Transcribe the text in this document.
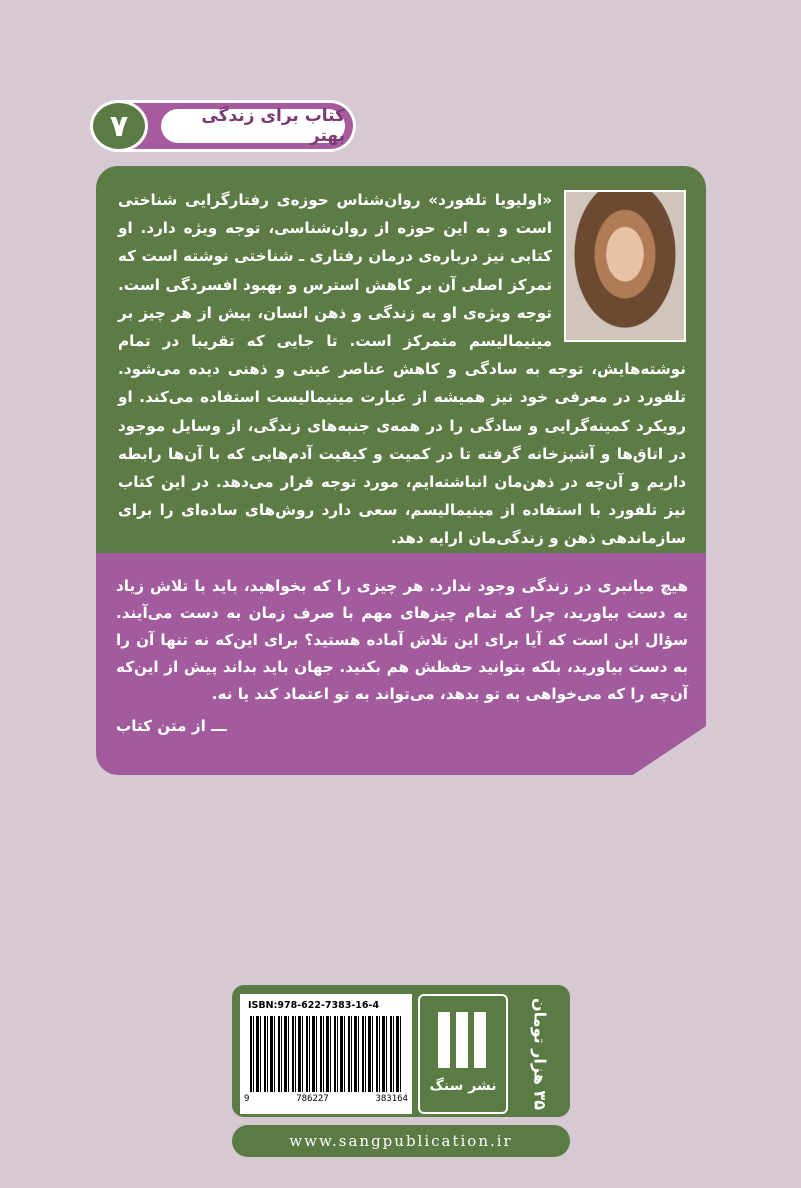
کتاب برای زندگی بهتر
۷
«اولیویا تلفورد» روان‌شناس حوزه‌ی رفتارگرایی شناختی است و به این حوزه از روان‌شناسی، توجه ویژه دارد. او کتابی نیز درباره‌ی درمان رفتاری ـ شناختی نوشته است که تمرکز اصلی آن بر کاهش استرس و بهبود افسردگی است. توجه ویژه‌ی او به زندگی و ذهن انسان، بیش از هر چیز بر مینیمالیسم متمرکز است. تا جایی که تقریبا در تمام نوشته‌هایش، توجه به سادگی و کاهش عناصر عینی و ذهنی دیده می‌شود. تلفورد در معرفی خود نیز همیشه از عبارت مینیمالیست استفاده می‌کند. او رویکرد کمینه‌گرایی و سادگی را در همه‌ی جنبه‌های زندگی، از وسایل موجود در اتاق‌ها و آشپزخانه گرفته تا در کمیت و کیفیت آدم‌هایی که با آن‌ها رابطه داریم و آن‌چه در ذهن‌مان انباشته‌ایم، مورد توجه قرار می‌دهد. در این کتاب نیز تلفورد با استفاده از مینیمالیسم، سعی دارد روش‌های ساده‌ای را برای سازماندهی ذهن و زندگی‌مان ارایه دهد.
هیچ میانبری در زندگی وجود ندارد. هر چیزی را که بخواهید، باید با تلاش زیاد به دست بیاورید، چرا که تمام چیزهای مهم با صرف زمان به دست می‌آیند. سؤال این است که آیا برای این تلاش آماده هستید؟ برای این‌که نه تنها آن را به دست بیاورید، بلکه بتوانید حفظش هم بکنید. جهان باید بداند پیش از این‌که آن‌چه را که می‌خواهی به تو بدهد، می‌تواند به تو اعتماد کند یا نه.
ـــ از متن کتاب
ISBN:978-622-7383-16-4
9	786227	383164
نشر سنگ	۳۵ هزار تومان
www.sangpublication.ir
